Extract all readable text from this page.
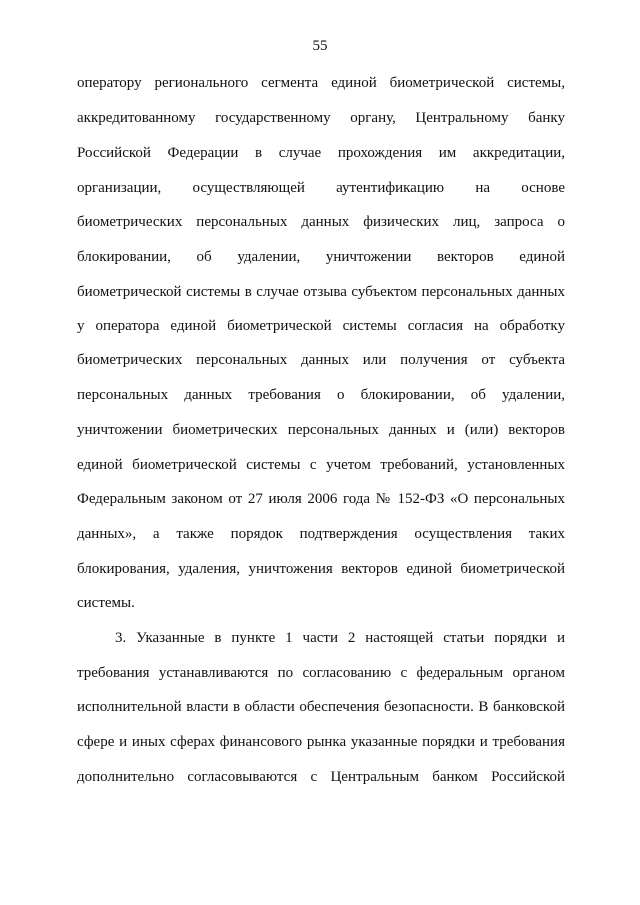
55
оператору регионального сегмента единой биометрической системы,
аккредитованному государственному органу, Центральному банку
Российской Федерации в случае прохождения им аккредитации,
организации, осуществляющей аутентификацию на основе
биометрических персональных данных физических лиц, запроса о
блокировании, об удалении, уничтожении векторов единой
биометрической системы в случае отзыва субъектом персональных данных
у оператора единой биометрической системы согласия на обработку
биометрических персональных данных или получения от субъекта
персональных данных требования о блокировании, об удалении,
уничтожении биометрических персональных данных и (или) векторов
единой биометрической системы с учетом требований, установленных
Федеральным законом от 27 июля 2006 года № 152-ФЗ «О персональных
данных», а также порядок подтверждения осуществления таких
блокирования, удаления, уничтожения векторов единой биометрической
системы.
3. Указанные в пункте 1 части 2 настоящей статьи порядки и
требования устанавливаются по согласованию с федеральным органом
исполнительной власти в области обеспечения безопасности. В банковской
сфере и иных сферах финансового рынка указанные порядки и требования
дополнительно согласовываются с Центральным банком Российской
